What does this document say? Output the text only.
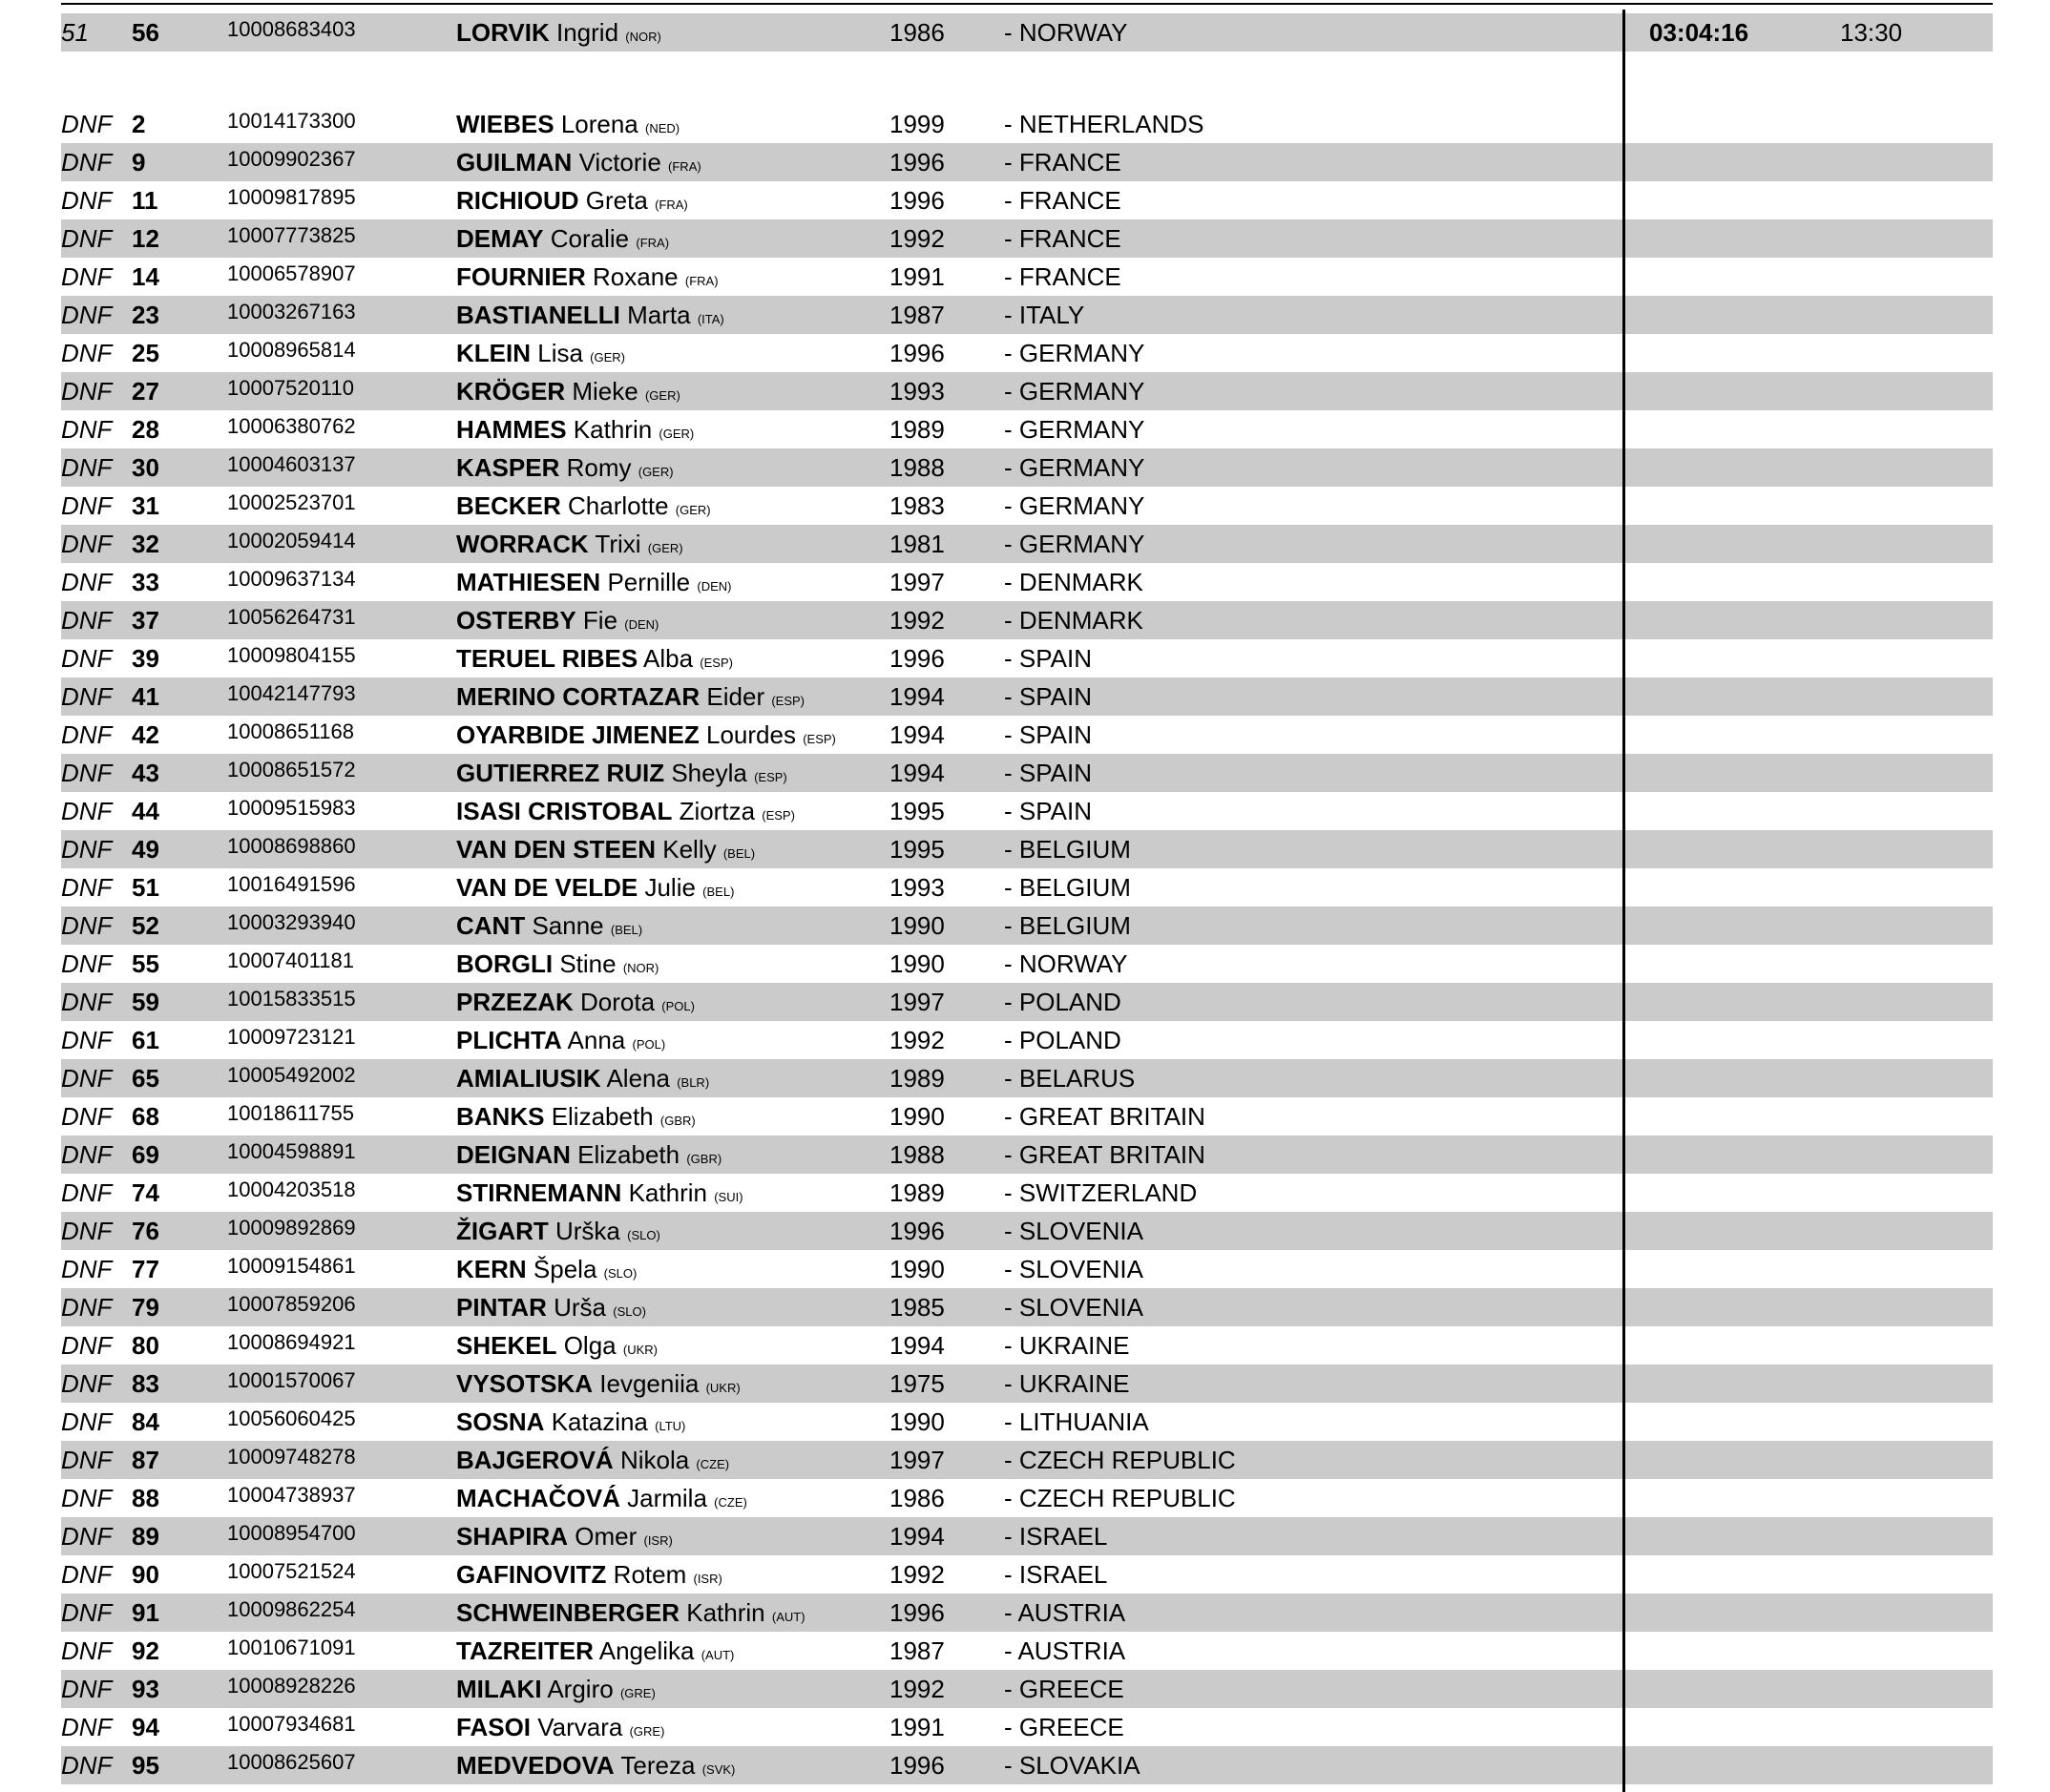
51 56	10008683403	LORVIK Ingrid (NOR)	1986 - NORWAY	03:04:16	13:30
DNF 2	10014173300	WIEBES Lorena (NED)	1999 - NETHERLANDS
DNF 9	10009902367	GUILMAN Victorie (FRA)	1996 - FRANCE
DNF 11	10009817895	RICHIOUD Greta (FRA)	1996 - FRANCE
DNF 12	10007773825	DEMAY Coralie (FRA)	1992 - FRANCE
DNF 14	10006578907	FOURNIER Roxane (FRA)	1991 - FRANCE
DNF 23	10003267163	BASTIANELLI Marta (ITA)	1987 - ITALY
DNF 25	10008965814	KLEIN Lisa (GER)	1996 - GERMANY
DNF 27	10007520110	KRÖGER Mieke (GER)	1993 - GERMANY
DNF 28	10006380762	HAMMES Kathrin (GER)	1989 - GERMANY
DNF 30	10004603137	KASPER Romy (GER)	1988 - GERMANY
DNF 31	10002523701	BECKER Charlotte (GER)	1983 - GERMANY
DNF 32	10002059414	WORRACK Trixi (GER)	1981 - GERMANY
DNF 33	10009637134	MATHIESEN Pernille (DEN)	1997 - DENMARK
DNF 37	10056264731	OSTERBY Fie (DEN)	1992 - DENMARK
DNF 39	10009804155	TERUEL RIBES Alba (ESP)	1996 - SPAIN
DNF 41	10042147793	MERINO CORTAZAR Eider (ESP)	1994 - SPAIN
DNF 42	10008651168	OYARBIDE JIMENEZ Lourdes (ESP) 1994 - SPAIN
DNF 43	10008651572	GUTIERREZ RUIZ Sheyla (ESP)	1994 - SPAIN
DNF 44	10009515983	ISASI CRISTOBAL Ziortza (ESP)	1995 - SPAIN
DNF 49	10008698860	VAN DEN STEEN Kelly (BEL)	1995 - BELGIUM
DNF 51	10016491596	VAN DE VELDE Julie (BEL)	1993 - BELGIUM
DNF 52	10003293940	CANT Sanne (BEL)	1990 - BELGIUM
DNF 55	10007401181	BORGLI Stine (NOR)	1990 - NORWAY
DNF 59	10015833515	PRZEZAK Dorota (POL)	1997 - POLAND
DNF 61	10009723121	PLICHTA Anna (POL)	1992 - POLAND
DNF 65	10005492002	AMIALIUSIK Alena (BLR)	1989 - BELARUS
DNF 68	10018611755	BANKS Elizabeth (GBR)	1990 - GREAT BRITAIN
DNF 69	10004598891	DEIGNAN Elizabeth (GBR)	1988 - GREAT BRITAIN
DNF 74	10004203518	STIRNEMANN Kathrin (SUI)	1989 - SWITZERLAND
DNF 76	10009892869	ŽIGART Urška (SLO)	1996 - SLOVENIA
DNF 77	10009154861	KERN Špela (SLO)	1990 - SLOVENIA
DNF 79	10007859206	PINTAR Urša (SLO)	1985 - SLOVENIA
DNF 80	10008694921	SHEKEL Olga (UKR)	1994 - UKRAINE
DNF 83	10001570067	VYSOTSKA Ievgeniia (UKR)	1975 - UKRAINE
DNF 84	10056060425	SOSNA Katazina (LTU)	1990 - LITHUANIA
DNF 87	10009748278	BAJGEROVÁ Nikola (CZE)	1997 - CZECH REPUBLIC
DNF 88	10004738937	MACHAČOVÁ Jarmila (CZE)	1986 - CZECH REPUBLIC
DNF 89	10008954700	SHAPIRA Omer (ISR)	1994 - ISRAEL
DNF 90	10007521524	GAFINOVITZ Rotem (ISR)	1992 - ISRAEL
DNF 91	10009862254	SCHWEINBERGER Kathrin (AUT)	1996 - AUSTRIA
DNF 92	10010671091	TAZREITER Angelika (AUT)	1987 - AUSTRIA
DNF 93	10008928226	MILAKI Argiro (GRE)	1992 - GREECE
DNF 94	10007934681	FASOI Varvara (GRE)	1991 - GREECE
DNF 95	10008625607	MEDVEDOVA Tereza (SVK)	1996 - SLOVAKIA
